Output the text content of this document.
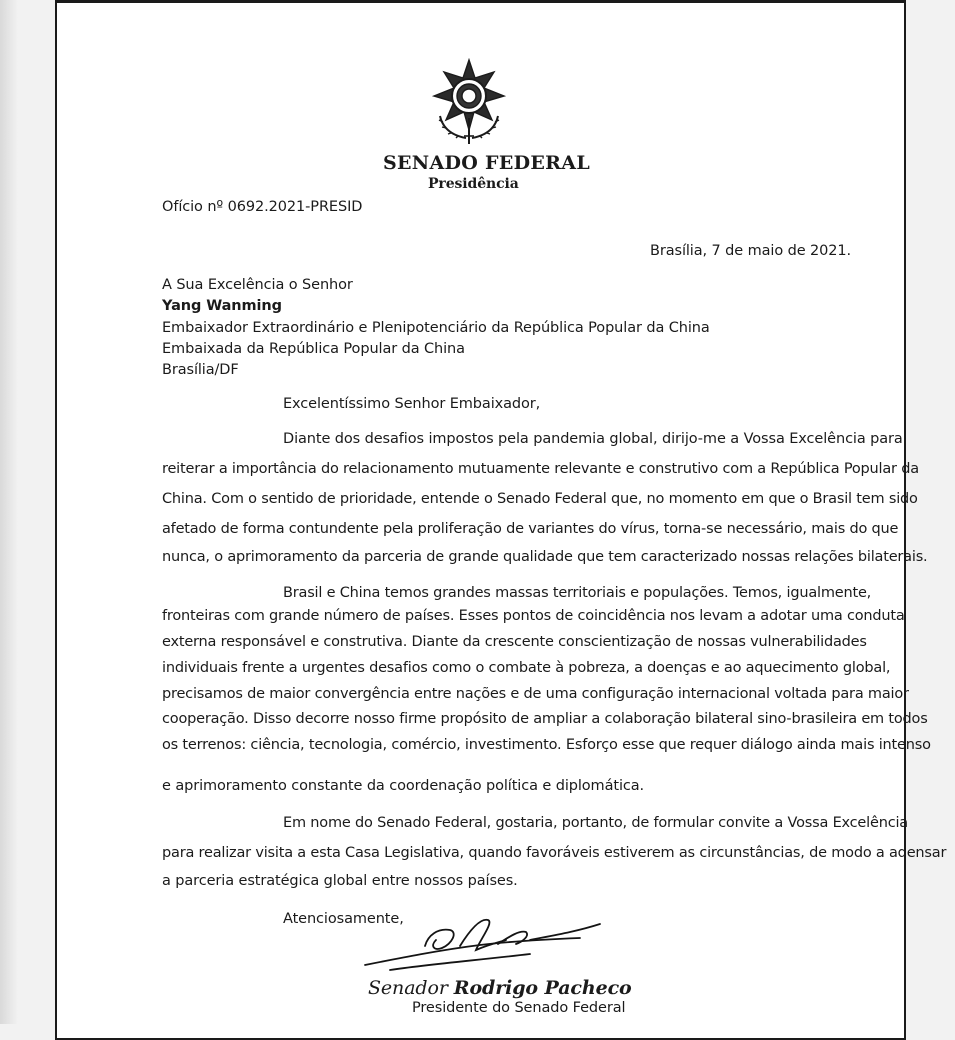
SENADO FEDERAL
Presidência
Ofício nº 0692.2021-PRESID
Brasília, 7 de maio de 2021.
A Sua Excelência o Senhor
Yang Wanming
Embaixador Extraordinário e Plenipotenciário da República Popular da China
Embaixada da República Popular da China
Brasília/DF
Excelentíssimo Senhor Embaixador,
Diante dos desafios impostos pela pandemia global, dirijo-me a Vossa Excelência para
reiterar a importância do relacionamento mutuamente relevante e construtivo com a República Popular da
China. Com o sentido de prioridade, entende o Senado Federal que, no momento em que o Brasil tem sido
afetado de forma contundente pela proliferação de variantes do vírus, torna-se necessário, mais do que
nunca, o aprimoramento da parceria de grande qualidade que tem caracterizado nossas relações bilaterais.
Brasil e China temos grandes massas territoriais e populações. Temos, igualmente,
fronteiras com grande número de países. Esses pontos de coincidência nos levam a adotar uma conduta
externa responsável e construtiva. Diante da crescente conscientização de nossas vulnerabilidades
individuais frente a urgentes desafios como o combate à pobreza, a doenças e ao aquecimento global,
precisamos de maior convergência entre nações e de uma configuração internacional voltada para maior
cooperação. Disso decorre nosso firme propósito de ampliar a colaboração bilateral sino-brasileira em todos
os terrenos: ciência, tecnologia, comércio, investimento. Esforço esse que requer diálogo ainda mais intenso
e aprimoramento constante da coordenação política e diplomática.
Em nome do Senado Federal, gostaria, portanto, de formular convite a Vossa Excelência
para realizar visita a esta Casa Legislativa, quando favoráveis estiverem as circunstâncias, de modo a adensar
a parceria estratégica global entre nossos países.
Atenciosamente,
Senador Rodrigo Pacheco
Presidente do Senado Federal
